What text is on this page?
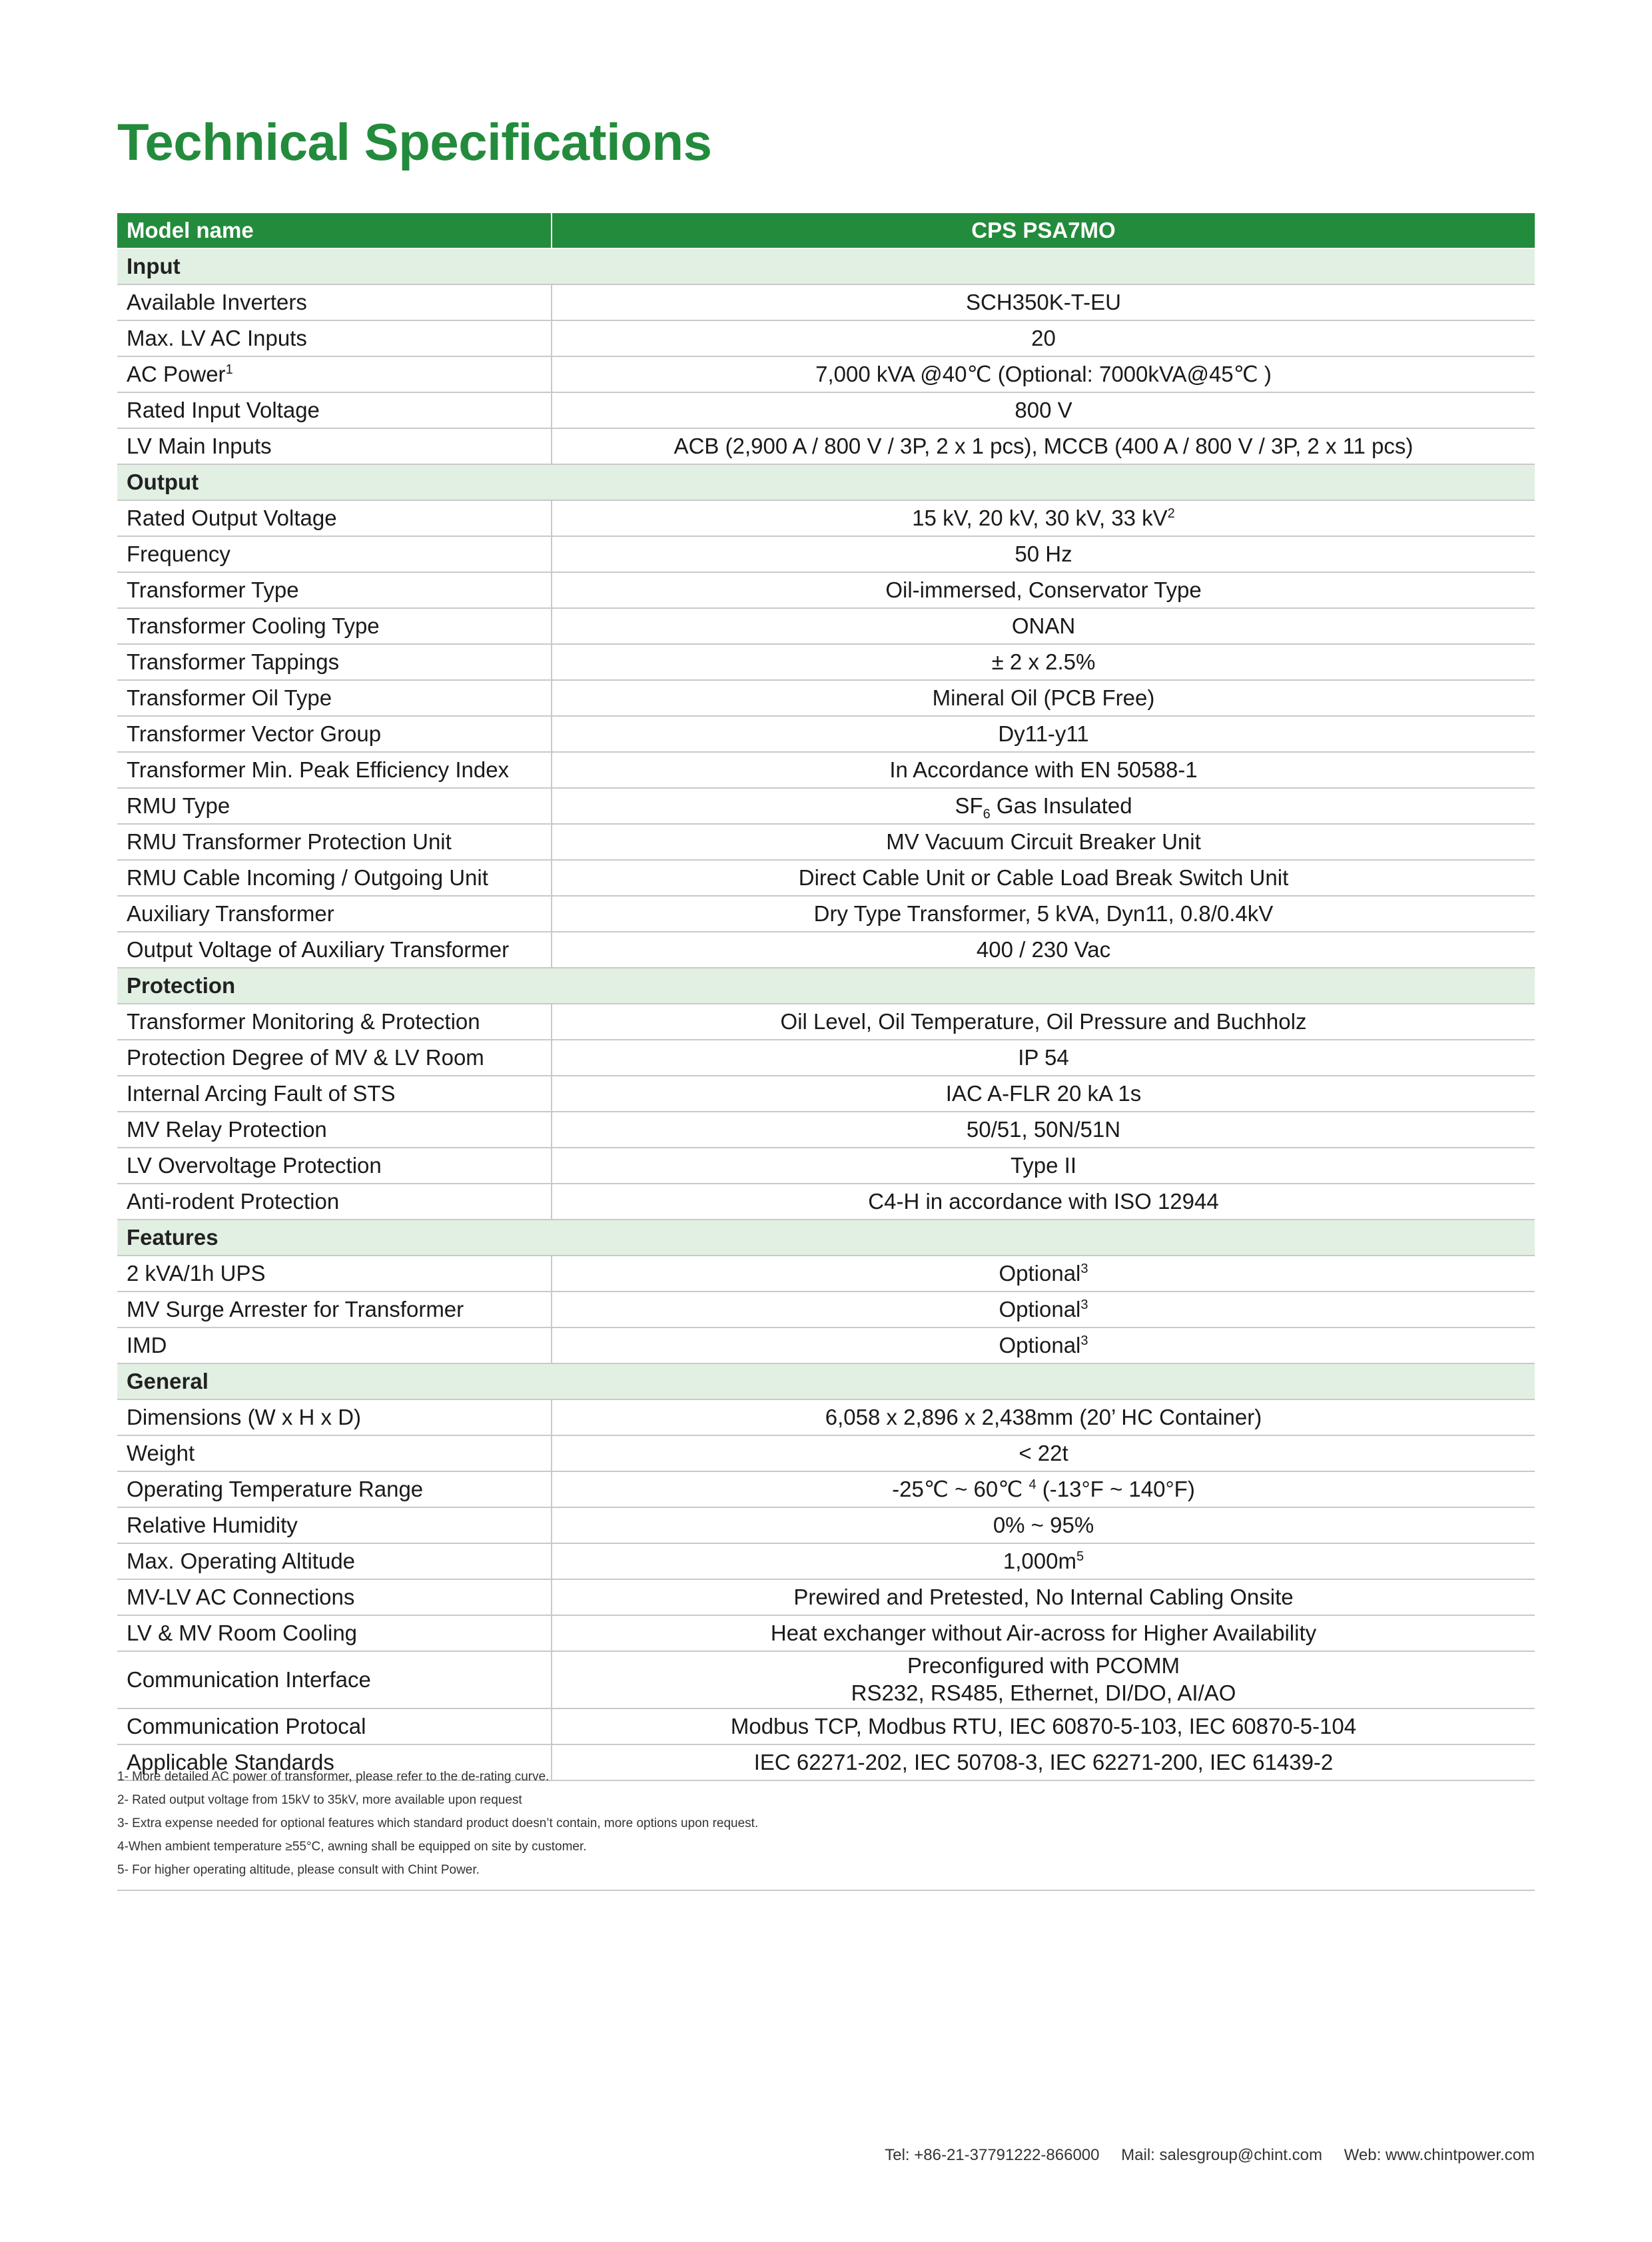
Technical Specifications
Model name	CPS PSA7MO
Input	
Available Inverters	SCH350K-T-EU
Max. LV AC Inputs	20
AC Power$^1$	7,000 kVA @40℃ (Optional: 7000kVA@45℃ )
Rated Input Voltage	800 V
LV Main Inputs	ACB (2,900 A / 800 V / 3P, 2 x 1 pcs), MCCB (400 A / 800 V / 3P, 2 x 11 pcs)
Output	
Rated Output Voltage	15 kV, 20 kV, 30 kV, 33 $kV^2$
Frequency	50 Hz
Transformer Type	Oil-immersed, Conservator Type
Transformer Cooling Type	ONAN
Transformer Tappings	± 2 x 2.5%
Transformer Oil Type	Mineral Oil (PCB Free)
Transformer Vector Group	Dy11-y11
Transformer Min. Peak Efficiency Index	In Accordance with EN 50588-1
RMU Type	$SF_6$ Gas Insulated
RMU Transformer Protection Unit	MV Vacuum Circuit Breaker Unit
RMU Cable Incoming / Outgoing Unit	Direct Cable Unit or Cable Load Break Switch Unit
Auxiliary Transformer	Dry Type Transformer, 5 kVA, Dyn11, 0.8/0.4kV
Output Voltage of Auxiliary Transformer	400 / 230 Vac
Protection	
Transformer Monitoring & Protection	Oil Level, Oil Temperature, Oil Pressure and Buchholz
Protection Degree of MV & LV Room	IP 54
Internal Arcing Fault of STS	IAC A-FLR 20 kA 1s
MV Relay Protection	50/51, 50N/51N
LV Overvoltage Protection	Type II
Anti-rodent Protection	C4-H in accordance with ISO 12944
Features	
2 kVA/1h UPS	Optional$^3$
MV Surge Arrester for Transformer	Optional$^3$
IMD	Optional$^3$
General	
Dimensions (W x H x D)	6,058 x 2,896 x 2,438mm (20’ HC Container)
Weight	< 22t
Operating Temperature Range	-25℃ ~ 60℃ $^4$ (-13°F ~ 140°F)
Relative Humidity	0% ~ 95%
Max. Operating Altitude	$1,000m^5$
MV-LV AC Connections	Prewired and Pretested, No Internal Cabling Onsite
LV & MV Room Cooling	Heat exchanger without Air-across for Higher Availability
Communication Interface	Preconfigured with PCOMM
RS232, RS485, Ethernet, DI/DO, AI/AO

Communication Protocal	Modbus TCP, Modbus RTU, IEC 60870-5-103, IEC 60870-5-104
Applicable Standards	IEC 62271-202, IEC 50708-3, IEC 62271-200, IEC 61439-2
1- More detailed AC power of transformer, please refer to the de-rating curve.
2- Rated output voltage from 15kV to 35kV, more available upon request
3- Extra expense needed for optional features which standard product doesn’t contain, more options upon request.
4-When ambient temperature ≥55°C, awning shall be equipped on site by customer.
5- For higher operating altitude, please consult with Chint Power.
Tel: +86-21-37791222-866000 Mail: salesgroup@chint.com Web: www.chintpower.com
